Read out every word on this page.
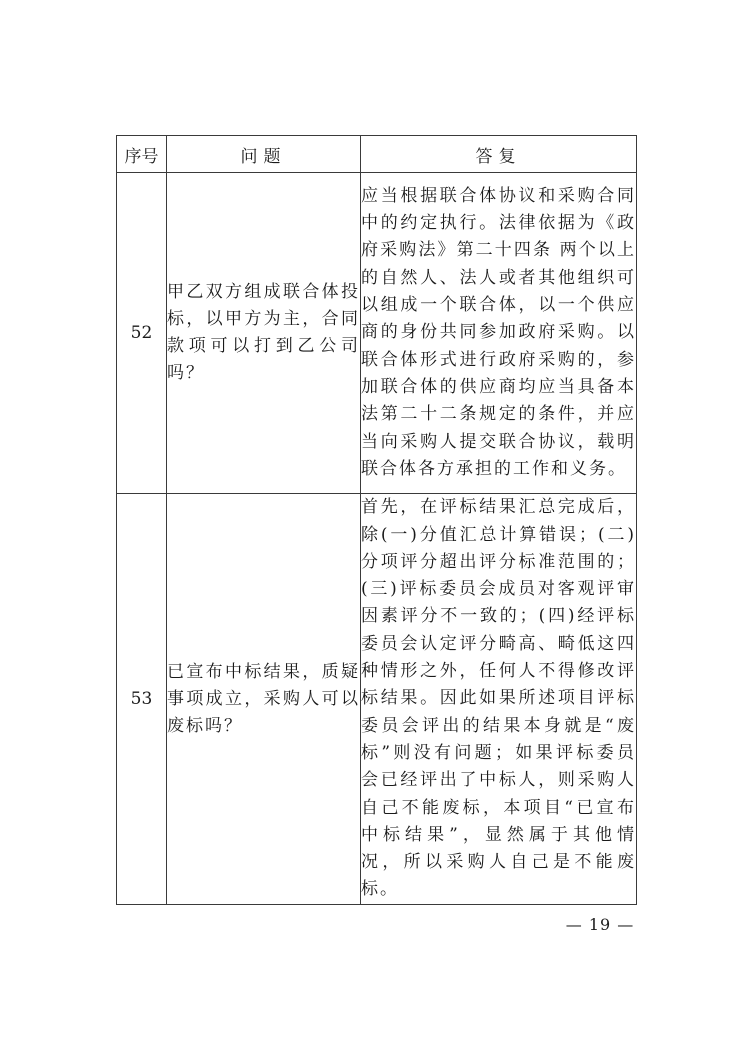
序号	问题	答复
52	甲乙双方组成联合体投标，以甲方为主，合同款项可以打到乙公司吗？	应当根据联合体协议和采购合同中的约定执行。法律依据为《政府采购法》第二十四条 两个以上的自然人、法人或者其他组织可以组成一个联合体，以一个供应商的身份共同参加政府采购。以联合体形式进行政府采购的，参加联合体的供应商均应当具备本法第二十二条规定的条件，并应当向采购人提交联合协议，载明联合体各方承担的工作和义务。
53	已宣布中标结果，质疑事项成立，采购人可以废标吗？	首先，在评标结果汇总完成后，除(一)分值汇总计算错误；(二)分项评分超出评分标准范围的；(三)评标委员会成员对客观评审因素评分不一致的；(四)经评标委员会认定评分畸高、畸低这四种情形之外，任何人不得修改评标结果。因此如果所述项目评标委员会评出的结果本身就是“废标”则没有问题；如果评标委员会已经评出了中标人，则采购人自己不能废标，本项目“已宣布中标结果”，显然属于其他情况，所以采购人自己是不能废标。
— 19 —
